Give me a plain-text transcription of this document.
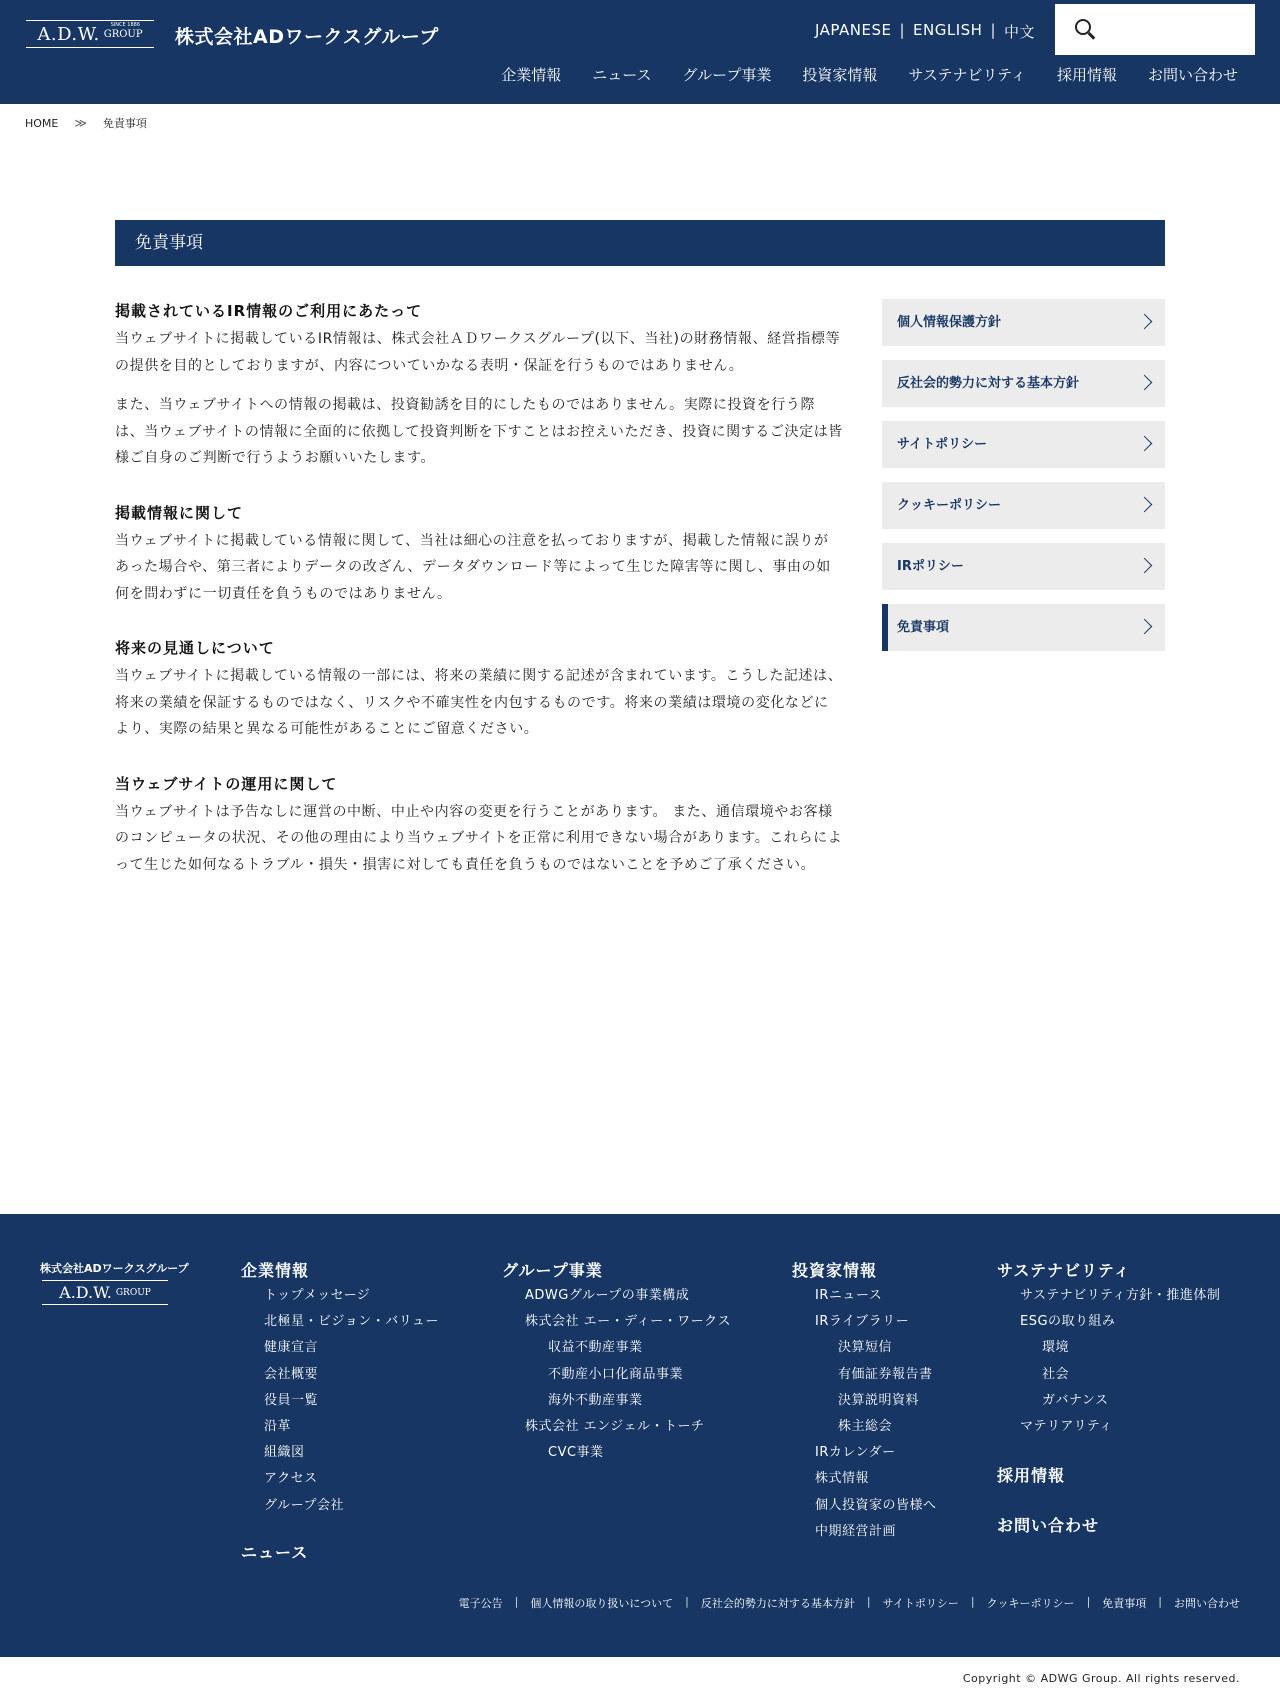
A.D.W. GROUP
SINCE 1886
株式会社ADワークスグループ	JAPANESE | ENGLISH | 中文
企業情報 ニュース グループ事業 投資家情報 サステナビリティ 採用情報 お問い合わせ
HOME ≫ 免責事項
免責事項
掲載されているIR情報のご利用にあたって

当ウェブサイトに掲載しているIR情報は、株式会社ＡＤワークスグループ(以下、当社)の財務情報、経営指標等の提供を目的としておりますが、内容についていかなる表明・保証を行うものではありません。

また、当ウェブサイトへの情報の掲載は、投資勧誘を目的にしたものではありません。実際に投資を行う際は、当ウェブサイトの情報に全面的に依拠して投資判断を下すことはお控えいただき、投資に関するご決定は皆様ご自身のご判断で行うようお願いいたします。

掲載情報に関して

当ウェブサイトに掲載している情報に関して、当社は細心の注意を払っておりますが、掲載した情報に誤りがあった場合や、第三者によりデータの改ざん、データダウンロード等によって生じた障害等に関し、事由の如何を問わずに一切責任を負うものではありません。

将来の見通しについて

当ウェブサイトに掲載している情報の一部には、将来の業績に関する記述が含まれています。こうした記述は、将来の業績を保証するものではなく、リスクや不確実性を内包するものです。将来の業績は環境の変化などにより、実際の結果と異なる可能性があることにご留意ください。

当ウェブサイトの運用に関して

当ウェブサイトは予告なしに運営の中断、中止や内容の変更を行うことがあります。 また、通信環境やお客様のコンピュータの状況、その他の理由により当ウェブサイトを正常に利用できない場合があります。これらによって生じた如何なるトラブル・損失・損害に対しても責任を負うものではないことを予めご了承ください。

個人情報保護方針
反社会的勢力に対する基本方針
サイトポリシー
クッキーポリシー
IRポリシー
免責事項
株式会社ADワークスグループ
A.D.W. GROUP
企業情報
トップメッセージ
北極星・ビジョン・バリュー
健康宣言
会社概要
役員一覧
沿革
組織図
アクセス
グループ会社
ニュース
グループ事業
ADWGグループの事業構成
株式会社 エー・ディー・ワークス
収益不動産事業
不動産小口化商品事業
海外不動産事業
株式会社 エンジェル・トーチ
CVC事業
投資家情報
IRニュース
IRライブラリー
決算短信
有価証券報告書
決算説明資料
株主総会
IRカレンダー
株式情報
個人投資家の皆様へ
中期経営計画
サステナビリティ
サステナビリティ方針・推進体制
ESGの取り組み
環境
社会
ガバナンス
マテリアリティ
採用情報
お問い合わせ
電子公告 | 個人情報の取り扱いについて | 反社会的勢力に対する基本方針 | サイトポリシー | クッキーポリシー | 免責事項 | お問い合わせ
Copyright © ADWG Group. All rights reserved.
